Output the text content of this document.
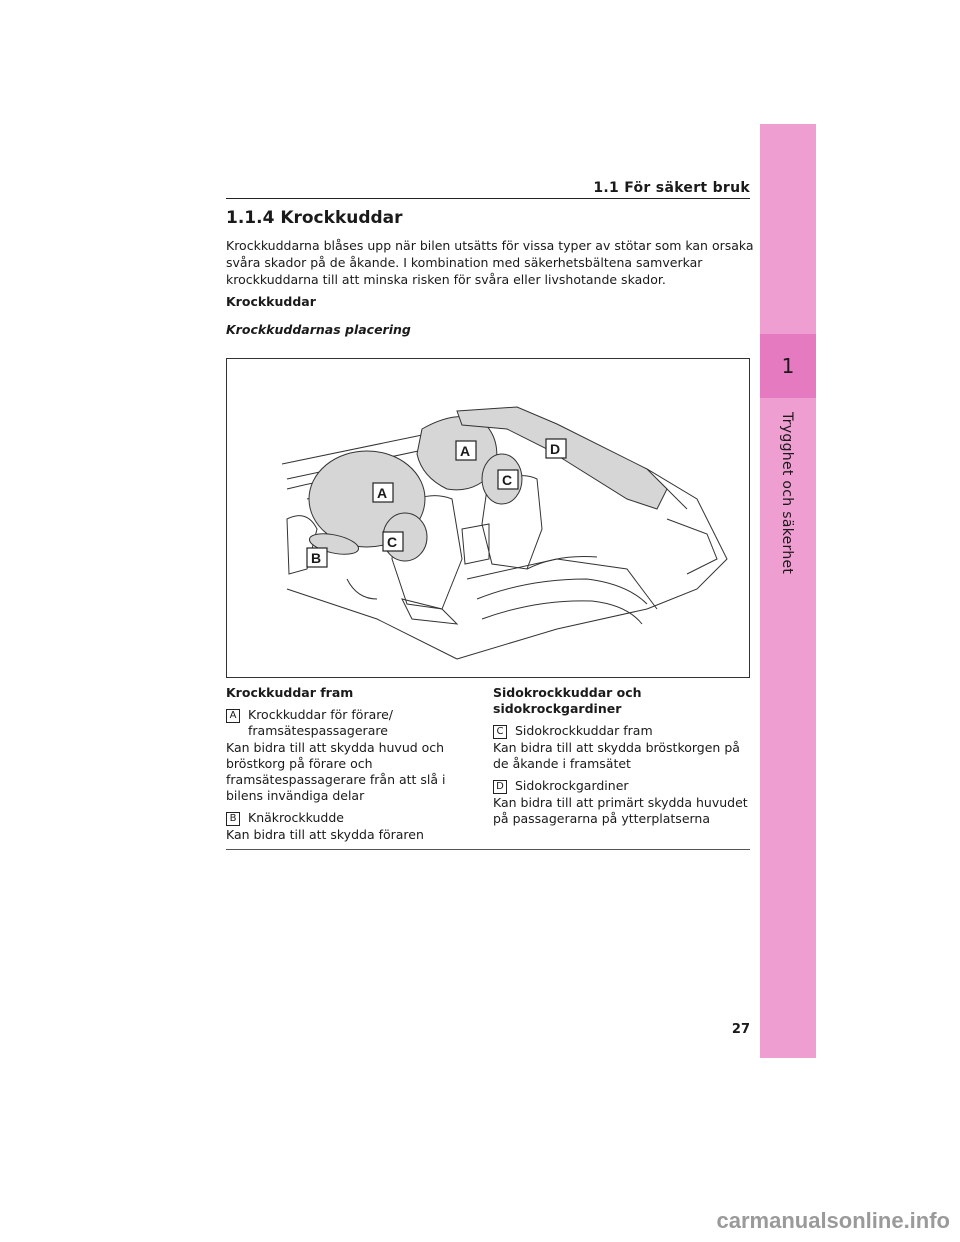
1
Trygghet och säkerhet
1.1 För säkert bruk
1.1.4 Krockkuddar

Krockkuddarna blåses upp när bilen utsätts för vissa typer av stötar som kan orsaka svåra skador på de åkande. I kombination med säkerhetsbältena samverkar krockkuddarna till att minska risken för svåra eller livshotande skador.

Krockkuddar

Krockkuddarnas placering

A	D
C
A
C
B

Krockkuddar fram

A Krockkuddar för förare/ framsätespassagerare
Kan bidra till att skydda huvud och bröstkorg på förare och framsätespassagerare från att slå i bilens invändiga delar
B Knäkrockkudde
Kan bidra till att skydda föraren

Sidokrockkuddar och sidokrockgardiner

C Sidokrockkuddar fram
Kan bidra till att skydda bröstkorgen på de åkande i framsätet
D Sidokrockgardiner
Kan bidra till att primärt skydda huvudet på passagerarna på ytterplatserna
27
carmanualsonline.info
